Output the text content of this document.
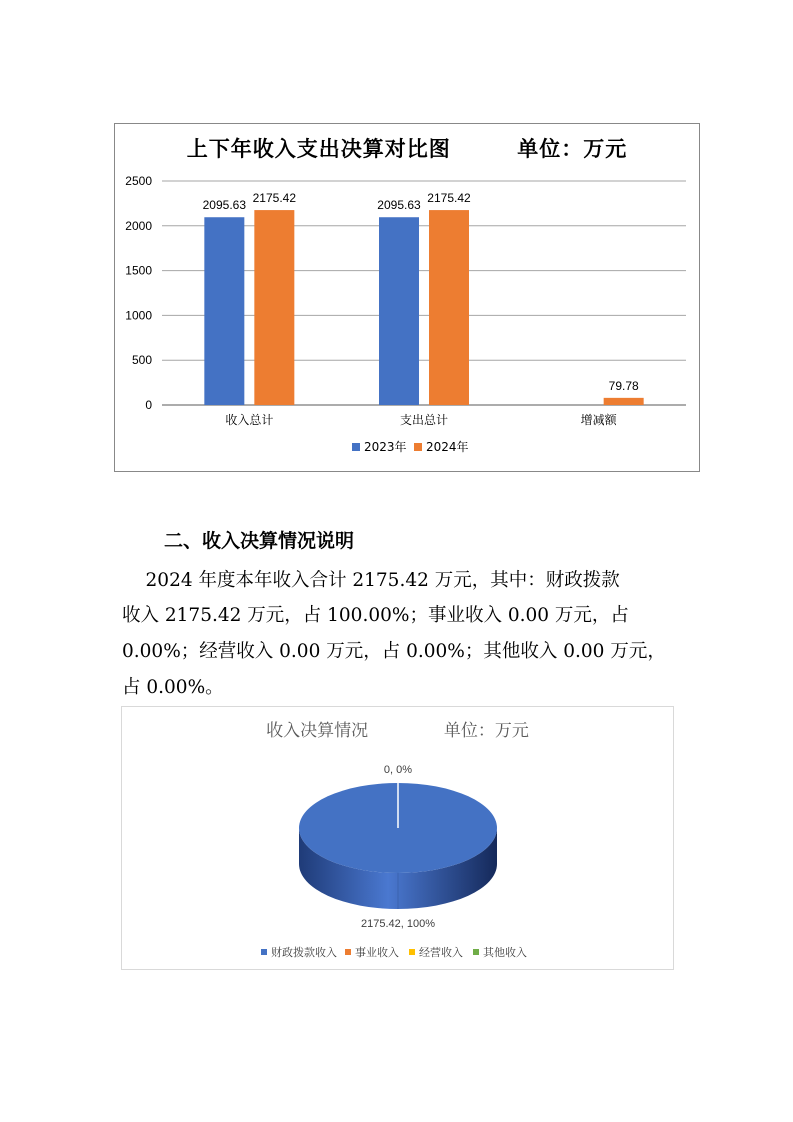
0
500
1000
1500
2000
2500
收入总计
2095.63
2175.42
支出总计
2095.63
2175.42
增减额
79.78
2023年 2024年
上下年收入支出决算对比图        单位：万元
二、收入决算情况说明
2024 年度本年收入合计 2175.42 万元，其中：财政拨款
收入 2175.42 万元，占 100.00%；事业收入 0.00 万元，占
0.00%；经营收入 0.00 万元，占 0.00%；其他收入 0.00 万元，
占 0.00%。
0, 0%
2175.42, 100%
财政拨款收入 事业收入 经营收入 其他收入
收入决算情况              单位：万元
